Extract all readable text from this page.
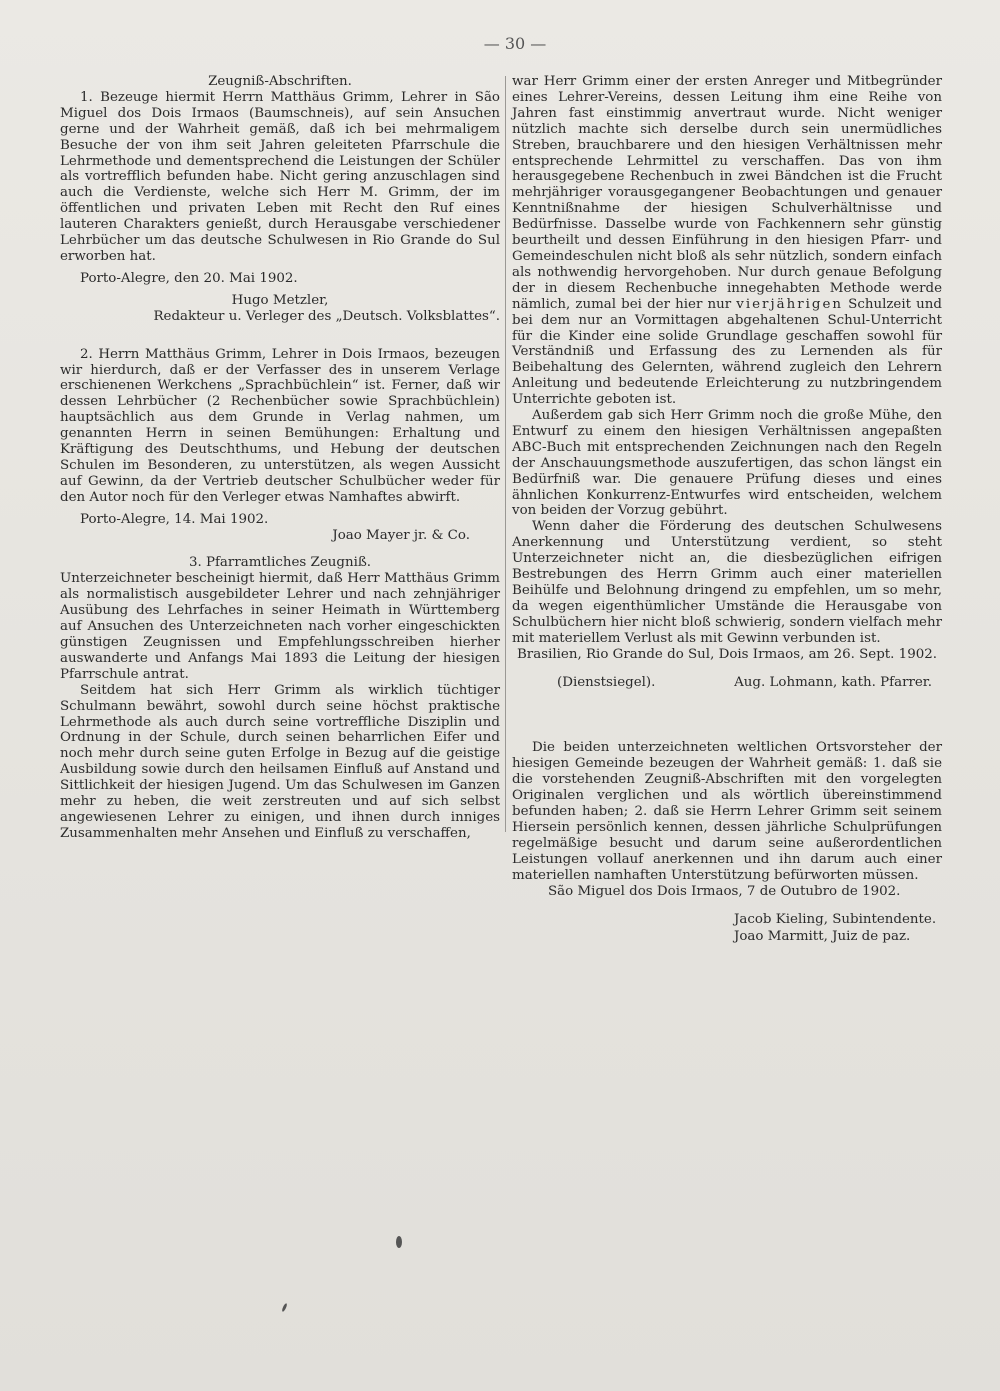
— 30 —

Zeugniß-Abschriften.

1. Bezeuge hiermit Herrn Matthäus Grimm, Lehrer in São Miguel dos Dois Irmaos (Baumschneis), auf sein Ansuchen gerne und der Wahrheit gemäß, daß ich bei mehrmaligem Besuche der von ihm seit Jahren geleiteten Pfarrschule die Lehrmethode und dementsprechend die Leistungen der Schüler als vortrefflich befunden habe. Nicht gering anzuschlagen sind auch die Verdienste, welche sich Herr M. Grimm, der im öffentlichen und privaten Leben mit Recht den Ruf eines lauteren Charakters genießt, durch Herausgabe verschiedener Lehrbücher um das deutsche Schulwesen in Rio Grande do Sul erworben hat.

Porto-Alegre, den 20. Mai 1902.

Hugo Metzler,

Redakteur u. Verleger des „Deutsch. Volksblattes“.

2. Herrn Matthäus Grimm, Lehrer in Dois Irmaos, bezeugen wir hierdurch, daß er der Verfasser des in unserem Verlage erschienenen Werkchens „Sprachbüchlein“ ist. Ferner, daß wir dessen Lehrbücher (2 Rechenbücher sowie Sprachbüchlein) hauptsächlich aus dem Grunde in Verlag nahmen, um genannten Herrn in seinen Bemühungen: Erhaltung und Kräftigung des Deutschthums, und Hebung der deutschen Schulen im Besonderen, zu unterstützen, als wegen Aussicht auf Gewinn, da der Vertrieb deutscher Schulbücher weder für den Autor noch für den Verleger etwas Namhaftes abwirft.

Porto-Alegre, 14. Mai 1902.

Joao Mayer jr. & Co.

3. Pfarramtliches Zeugniß.

Unterzeichneter bescheinigt hiermit, daß Herr Matthäus Grimm als normalistisch ausgebildeter Lehrer und nach zehnjähriger Ausübung des Lehrfaches in seiner Heimath in Württemberg auf Ansuchen des Unterzeichneten nach vorher eingeschickten günstigen Zeugnissen und Empfehlungsschreiben hierher auswanderte und Anfangs Mai 1893 die Leitung der hiesigen Pfarrschule antrat.

Seitdem hat sich Herr Grimm als wirklich tüchtiger Schulmann bewährt, sowohl durch seine höchst praktische Lehrmethode als auch durch seine vortreffliche Disziplin und Ordnung in der Schule, durch seinen beharrlichen Eifer und noch mehr durch seine guten Erfolge in Bezug auf die geistige Ausbildung sowie durch den heilsamen Einfluß auf Anstand und Sittlichkeit der hiesigen Jugend. Um das Schulwesen im Ganzen mehr zu heben, die weit zerstreuten und auf sich selbst angewiesenen Lehrer zu einigen, und ihnen durch inniges Zusammenhalten mehr Ansehen und Einfluß zu verschaffen,

war Herr Grimm einer der ersten Anreger und Mitbegründer eines Lehrer-Vereins, dessen Leitung ihm eine Reihe von Jahren fast einstimmig anvertraut wurde. Nicht weniger nützlich machte sich derselbe durch sein unermüdliches Streben, brauchbarere und den hiesigen Verhältnissen mehr entsprechende Lehrmittel zu verschaffen. Das von ihm herausgegebene Rechenbuch in zwei Bändchen ist die Frucht mehrjähriger vorausgegangener Beobachtungen und genauer Kenntnißnahme der hiesigen Schulverhältnisse und Bedürfnisse. Dasselbe wurde von Fachkennern sehr günstig beurtheilt und dessen Einführung in den hiesigen Pfarr- und Gemeindeschulen nicht bloß als sehr nützlich, sondern einfach als nothwendig hervorgehoben. Nur durch genaue Befolgung der in diesem Rechenbuche innegehabten Methode werde nämlich, zumal bei der hier nur vierjährigen Schulzeit und bei dem nur an Vormittagen abgehaltenen Schul-Unterricht für die Kinder eine solide Grundlage geschaffen sowohl für Verständniß und Erfassung des zu Lernenden als für Beibehaltung des Gelernten, während zugleich den Lehrern Anleitung und bedeutende Erleichterung zu nutzbringendem Unterrichte geboten ist.

Außerdem gab sich Herr Grimm noch die große Mühe, den Entwurf zu einem den hiesigen Verhältnissen angepaßten ABC-Buch mit entsprechenden Zeichnungen nach den Regeln der Anschauungsmethode auszufertigen, das schon längst ein Bedürfniß war. Die genauere Prüfung dieses und eines ähnlichen Konkurrenz-Entwurfes wird entscheiden, welchem von beiden der Vorzug gebührt.

Wenn daher die Förderung des deutschen Schulwesens Anerkennung und Unterstützung verdient, so steht Unterzeichneter nicht an, die diesbezüglichen eifrigen Bestrebungen des Herrn Grimm auch einer materiellen Beihülfe und Belohnung dringend zu empfehlen, um so mehr, da wegen eigenthümlicher Umstände die Herausgabe von Schulbüchern hier nicht bloß schwierig, sondern vielfach mehr mit materiellem Verlust als mit Gewinn verbunden ist.

Brasilien, Rio Grande do Sul, Dois Irmaos, am 26. Sept. 1902.

(Dienstsiegel).	Aug. Lohmann, kath. Pfarrer.

Die beiden unterzeichneten weltlichen Ortsvorsteher der hiesigen Gemeinde bezeugen der Wahrheit gemäß: 1. daß sie die vorstehenden Zeugniß-Abschriften mit den vorgelegten Originalen verglichen und als wörtlich übereinstimmend befunden haben; 2. daß sie Herrn Lehrer Grimm seit seinem Hiersein persönlich kennen, dessen jährliche Schulprüfungen regelmäßige besucht und darum seine außerordentlichen Leistungen vollauf anerkennen und ihn darum auch einer materiellen namhaften Unterstützung befürworten müssen.

São Miguel dos Dois Irmaos, 7 de Outubro de 1902.

Jacob Kieling, Subintendente.

Joao Marmitt, Juiz de paz.
